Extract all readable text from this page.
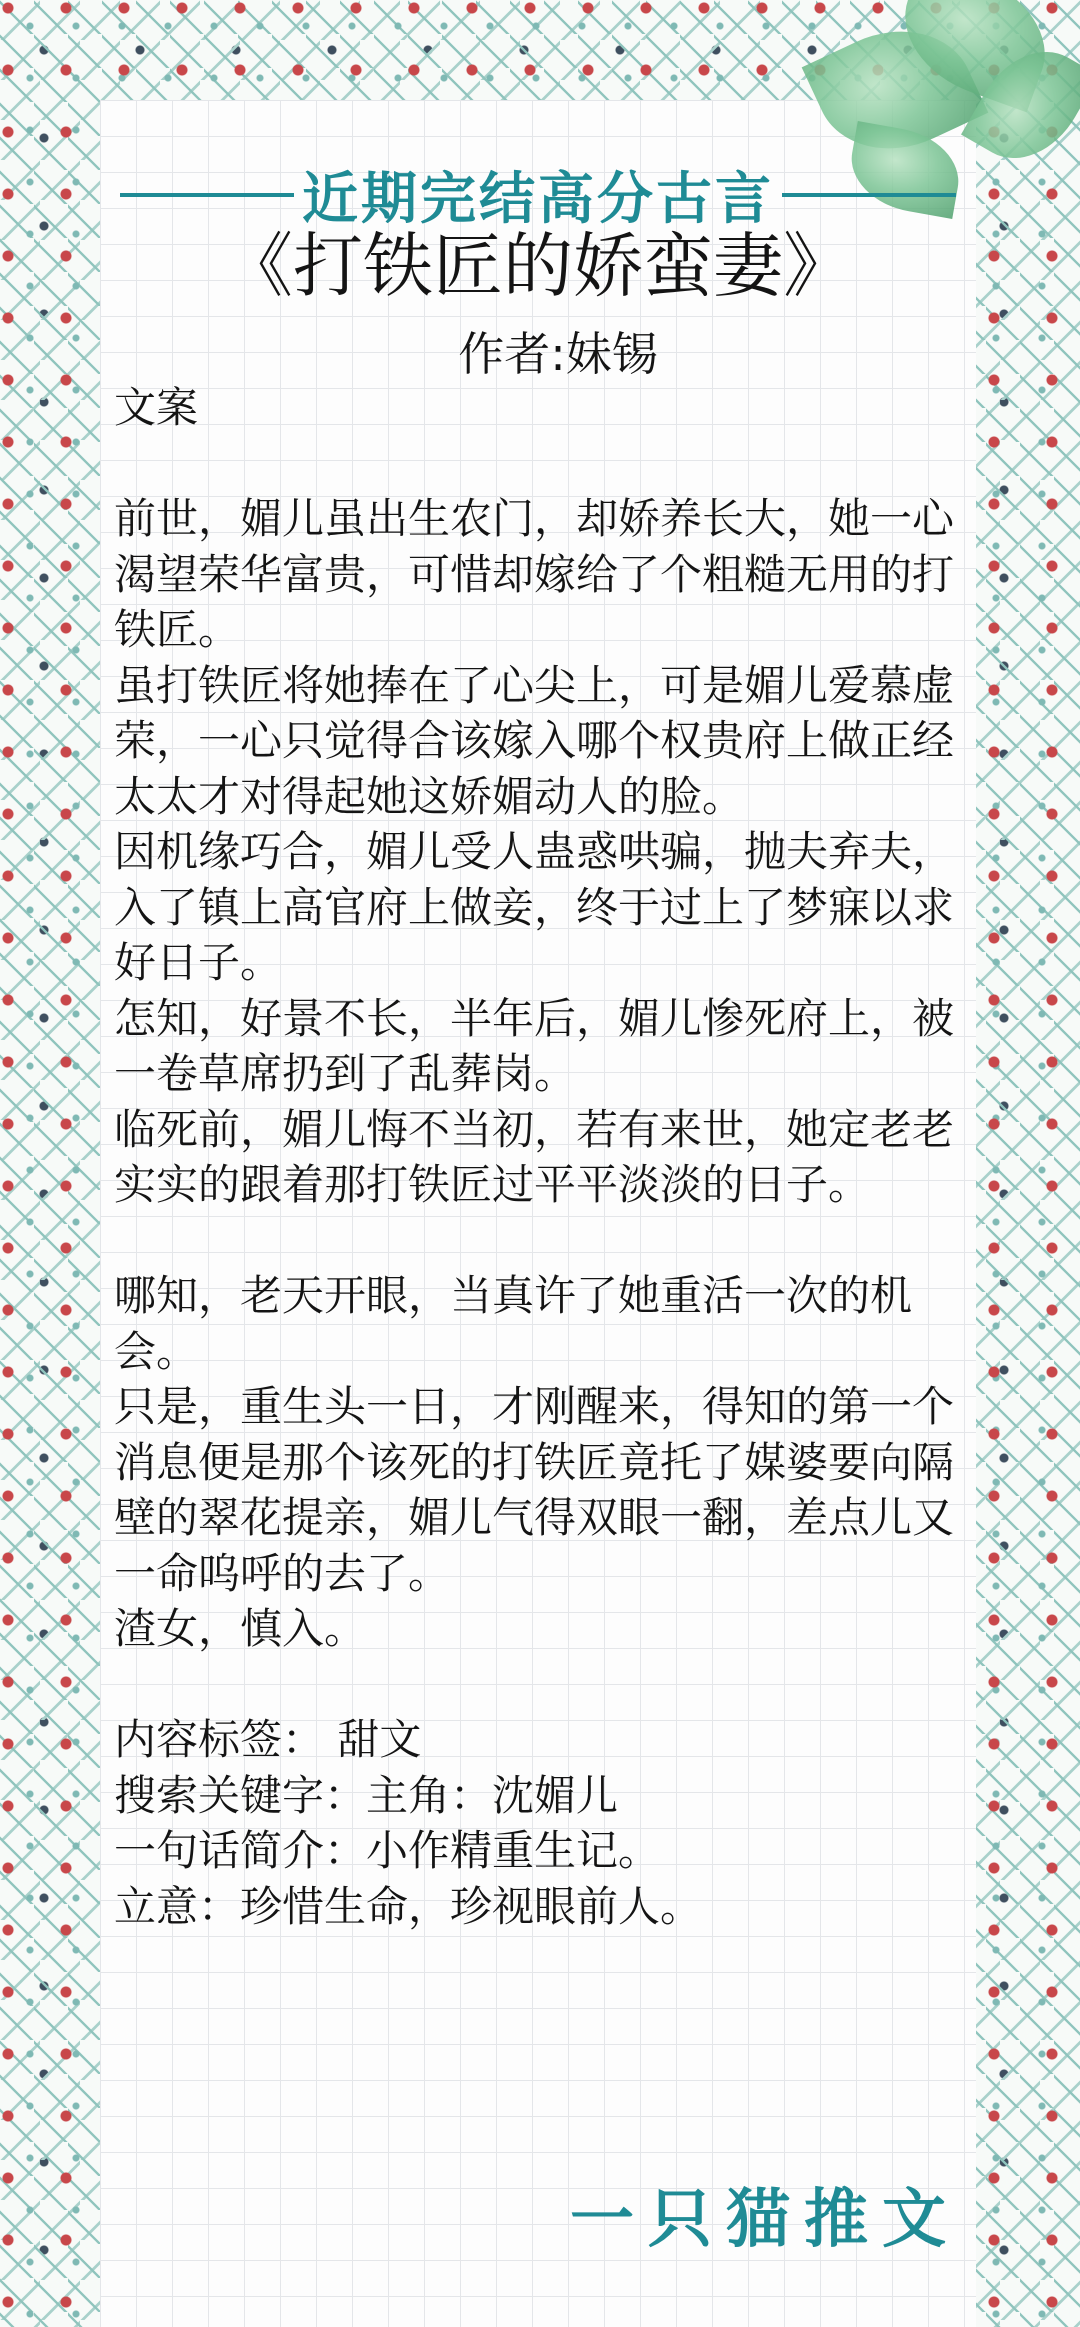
近期完结高分古言
《打铁匠的娇蛮妻》
作者:妹锡

文案

前世，媚儿虽出生农门，却娇养长大，她一心渴望荣华富贵，可惜却嫁给了个粗糙无用的打铁匠。

虽打铁匠将她捧在了心尖上，可是媚儿爱慕虚荣，一心只觉得合该嫁入哪个权贵府上做正经太太才对得起她这娇媚动人的脸。

因机缘巧合，媚儿受人蛊惑哄骗，抛夫弃夫，入了镇上高官府上做妾，终于过上了梦寐以求好日子。

怎知，好景不长，半年后，媚儿惨死府上，被一卷草席扔到了乱葬岗。

临死前，媚儿悔不当初，若有来世，她定老老实实的跟着那打铁匠过平平淡淡的日子。

哪知，老天开眼，当真许了她重活一次的机会。

只是，重生头一日，才刚醒来，得知的第一个消息便是那个该死的打铁匠竟托了媒婆要向隔壁的翠花提亲，媚儿气得双眼一翻，差点儿又一命呜呼的去了。

渣女，慎入。

内容标签： 甜文

搜索关键字：主角：沈媚儿

一句话简介：小作精重生记。

立意：珍惜生命，珍视眼前人。

一只猫推文
